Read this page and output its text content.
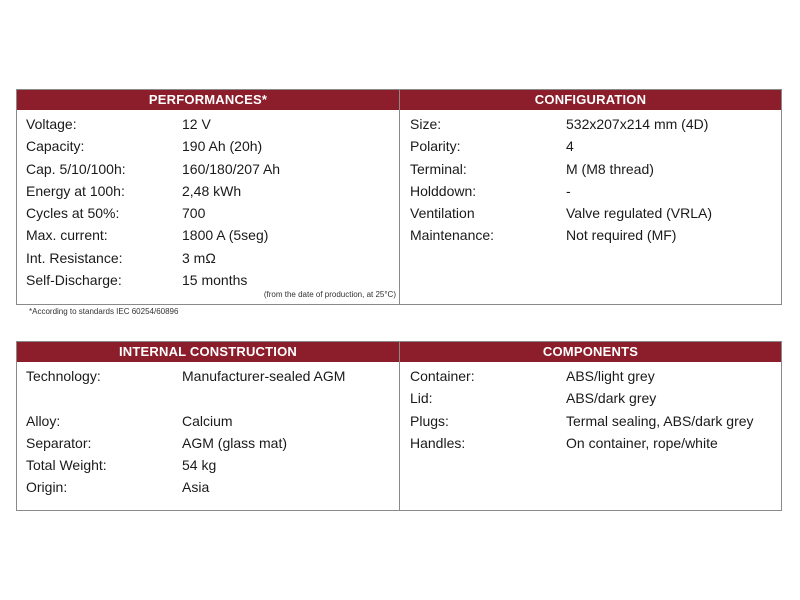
PERFORMANCES*
Voltage:	12 V
Capacity:	190 Ah (20h)
Cap. 5/10/100h:	160/180/207 Ah
Energy at 100h:	2,48 kWh
Cycles at 50%:	700
Max. current:	1800 A (5seg)
Int. Resistance:	3 mΩ
Self-Discharge:	15 months
(from the date of production, at 25°C)
CONFIGURATION
Size:	532x207x214 mm (4D)
Polarity:	4
Terminal:	M (M8 thread)
Holddown:	-
Ventilation	Valve regulated (VRLA)
Maintenance:	Not required (MF)
*According to standards IEC 60254/60896
INTERNAL CONSTRUCTION
Technology:	Manufacturer-sealed AGM
Alloy:	Calcium
Separator:	AGM (glass mat)
Total Weight:	54 kg
Origin:	Asia
COMPONENTS
Container:	ABS/light grey
Lid:	ABS/dark grey
Plugs:	Termal sealing, ABS/dark grey
Handles:	On container, rope/white
